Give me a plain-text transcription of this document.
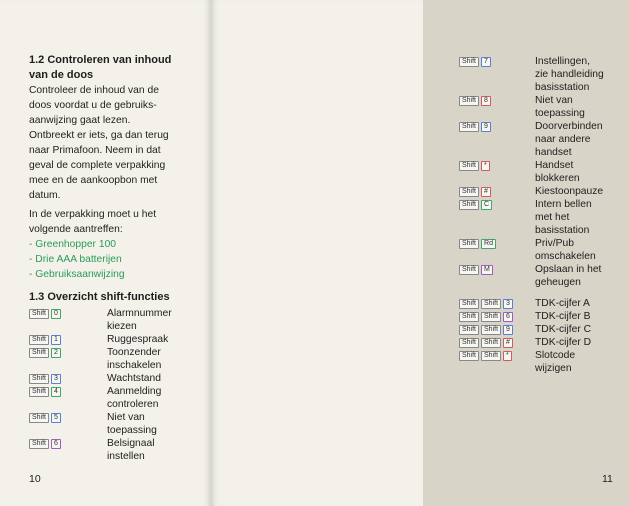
1.2 Controleren van inhoud
van de doos

Controleer de inhoud van de
doos voordat u de gebruiks-
aanwijzing gaat lezen.
Ontbreekt er iets, ga dan terug
naar Primafoon. Neem in dat
geval de complete verpakking
mee en de aankoopbon met
datum.

In de verpakking moet u het
volgende aantreffen:

- Greenhopper 100
- Drie AAA batterijen
- Gebruiksaanwijzing
1.3 Overzicht shift-functies
Shift	0	Alarmnummer
kiezen
Shift	1	Ruggespraak
Shift	2	Toonzender
inschakelen
Shift	3	Wachtstand
Shift	4	Aanmelding
controleren
Shift	5	Niet van
toepassing
Shift	6	Belsignaal
instellen
10
Shift	7	Instellingen,
zie handleiding
basisstation
Shift	8	Niet van
toepassing
Shift	9	Doorverbinden
naar andere
handset
Shift	*	Handset
blokkeren
Shift	#	Kiestoonpauze
Shift	C	Intern bellen
met het
basisstation
Shift	Rd	Priv/Pub
omschakelen
Shift	M	Opslaan in het
geheugen
Shift	Shift	3 TDK-cijfer A
Shift	Shift	6 TDK-cijfer B
Shift	Shift	9 TDK-cijfer C
Shift	Shift	# TDK-cijfer D
Shift	Shift	*	Slotcode
wijzigen
11
